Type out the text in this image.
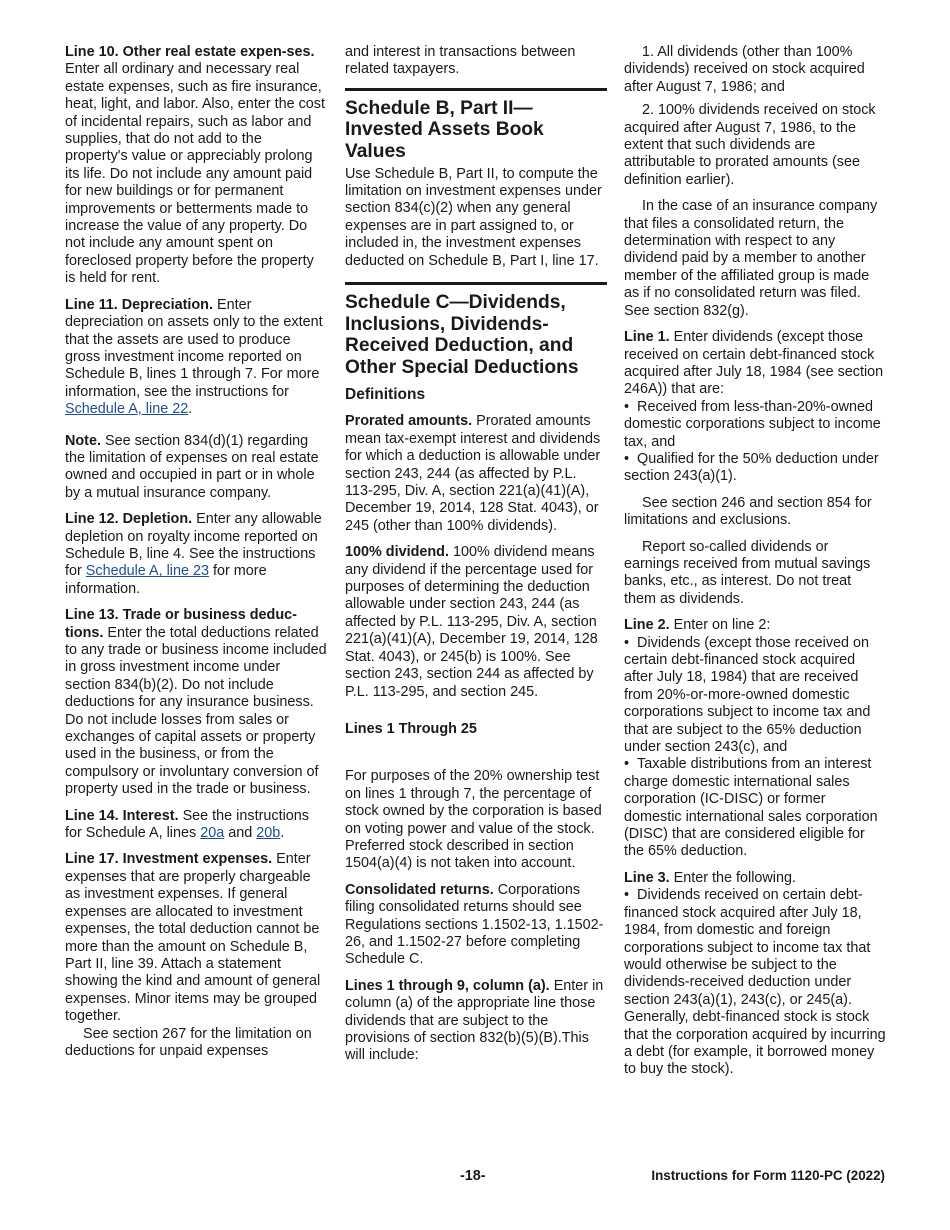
Line 10. Other real estate expen-ses. Enter all ordinary and necessary real estate expenses, such as fire insurance, heat, light, and labor. Also, enter the cost of incidental repairs, such as labor and supplies, that do not add to the property's value or appreciably prolong its life. Do not include any amount paid for new buildings or for permanent improvements or betterments made to increase the value of any property. Do not include any amount spent on foreclosed property before the property is held for rent.

Line 11. Depreciation. Enter depreciation on assets only to the extent that the assets are used to produce gross investment income reported on Schedule B, lines 1 through 7. For more information, see the instructions for Schedule A, line 22.

Note. See section 834(d)(1) regarding the limitation of expenses on real estate owned and occupied in part or in whole by a mutual insurance company.

Line 12. Depletion. Enter any allowable depletion on royalty income reported on Schedule B, line 4. See the instructions for Schedule A, line 23 for more information.

Line 13. Trade or business deduc-tions. Enter the total deductions related to any trade or business income included in gross investment income under section 834(b)(2). Do not include deductions for any insurance business. Do not include losses from sales or exchanges of capital assets or property used in the business, or from the compulsory or involuntary conversion of property used in the trade or business.

Line 14. Interest. See the instructions for Schedule A, lines 20a and 20b.

Line 17. Investment expenses. Enter expenses that are properly chargeable as investment expenses. If general expenses are allocated to investment expenses, the total deduction cannot be more than the amount on Schedule B, Part II, line 39. Attach a statement showing the kind and amount of general expenses. Minor items may be grouped together.

See section 267 for the limitation on deductions for unpaid expenses

and interest in transactions between related taxpayers.

Schedule B, Part II—Invested Assets Book Values

Use Schedule B, Part II, to compute the limitation on investment expenses under section 834(c)(2) when any general expenses are in part assigned to, or included in, the investment expenses deducted on Schedule B, Part I, line 17.

Schedule C—Dividends, Inclusions, Dividends-Received Deduction, and Other Special Deductions
Definitions

Prorated amounts. Prorated amounts mean tax-exempt interest and dividends for which a deduction is allowable under section 243, 244 (as affected by P.L. 113-295, Div. A, section 221(a)(41)(A), December 19, 2014, 128 Stat. 4043), or 245 (other than 100% dividends).

100% dividend. 100% dividend means any dividend if the percentage used for purposes of determining the deduction allowable under section 243, 244 (as affected by P.L. 113-295, Div. A, section 221(a)(41)(A), December 19, 2014, 128 Stat. 4043), or 245(b) is 100%. See section 243, section 244 as affected by P.L. 113-295, and section 245.

Lines 1 Through 25

For purposes of the 20% ownership test on lines 1 through 7, the percentage of stock owned by the corporation is based on voting power and value of the stock. Preferred stock described in section 1504(a)(4) is not taken into account.

Consolidated returns. Corporations filing consolidated returns should see Regulations sections 1.1502-13, 1.1502-26, and 1.1502-27 before completing Schedule C.

Lines 1 through 9, column (a). Enter in column (a) of the appropriate line those dividends that are subject to the provisions of section 832(b)(5)(B).This will include:

1. All dividends (other than 100% dividends) received on stock acquired after August 7, 1986; and

2. 100% dividends received on stock acquired after August 7, 1986, to the extent that such dividends are attributable to prorated amounts (see definition earlier).

In the case of an insurance company that files a consolidated return, the determination with respect to any dividend paid by a member to another member of the affiliated group is made as if no consolidated return was filed. See section 832(g).

Line 1. Enter dividends (except those received on certain debt-financed stock acquired after July 18, 1984 (see section 246A)) that are:

•  Received from less-than-20%-owned domestic corporations subject to income tax, and

•  Qualified for the 50% deduction under section 243(a)(1).

See section 246 and section 854 for limitations and exclusions.

Report so-called dividends or earnings received from mutual savings banks, etc., as interest. Do not treat them as dividends.

Line 2. Enter on line 2:

•  Dividends (except those received on certain debt-financed stock acquired after July 18, 1984) that are received from 20%-or-more-owned domestic corporations subject to income tax and that are subject to the 65% deduction under section 243(c), and

•  Taxable distributions from an interest charge domestic international sales corporation (IC-DISC) or former domestic international sales corporation (DISC) that are considered eligible for the 65% deduction.

Line 3. Enter the following.

•  Dividends received on certain debt-financed stock acquired after July 18, 1984, from domestic and foreign corporations subject to income tax that would otherwise be subject to the dividends-received deduction under section 243(a)(1), 243(c), or 245(a). Generally, debt-financed stock is stock that the corporation acquired by incurring a debt (for example, it borrowed money to buy the stock).

-18-	Instructions for Form 1120-PC (2022)
